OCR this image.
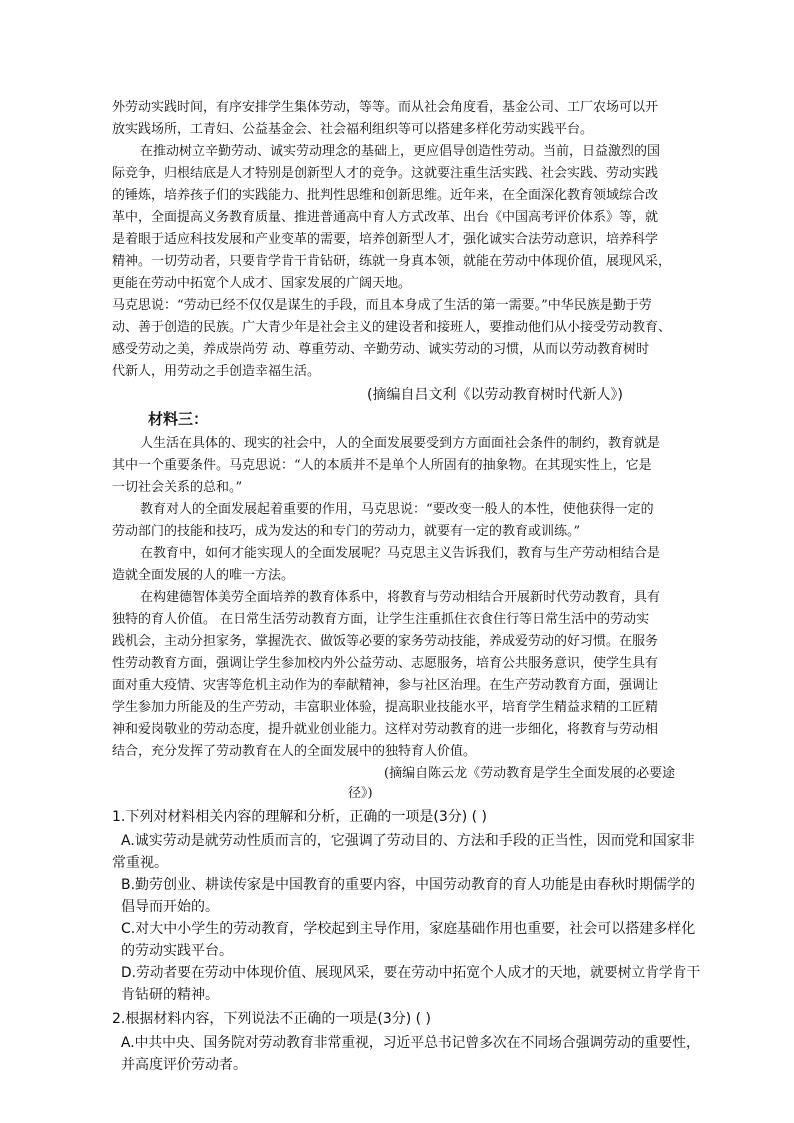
外劳动实践时间，有序安排学生集体劳动，等等。而从社会角度看，基金公司、工厂农场可以开
放实践场所，工青妇、公益基金会、社会福利组织等可以搭建多样化劳动实践平台。
在推动树立辛勤劳动、诚实劳动理念的基础上，更应倡导创造性劳动。当前，日益激烈的国
际竞争，归根结底是人才特别是创新型人才的竞争。这就要注重生活实践、社会实践、劳动实践
的锤炼，培养孩子们的实践能力、批判性思维和创新思维。近年来，在全面深化教育领域综合改
革中，全面提高义务教育质量、推进普通高中育人方式改革、出台《中国高考评价体系》等，就
是着眼于适应科技发展和产业变革的需要，培养创新型人才，强化诚实合法劳动意识，培养科学
精神。一切劳动者，只要肯学肯干肯钻研，练就一身真本领，就能在劳动中体现价值，展现风采，
更能在劳动中拓宽个人成才、国家发展的广阔天地。
马克思说：“劳动已经不仅仅是谋生的手段，而且本身成了生活的第一需要。”中华民族是勤于劳
动、善于创造的民族。广大青少年是社会主义的建设者和接班人，要推动他们从小接受劳动教育、
感受劳动之美，养成崇尚劳 动、尊重劳动、辛勤劳动、诚实劳动的习惯，从而以劳动教育树时
代新人，用劳动之手创造幸福生活。
(摘编自吕文利《以劳动教育树时代新人》)
材料三：
人生活在具体的、现实的社会中，人的全面发展要受到方方面面社会条件的制约，教育就是
其中一个重要条件。马克思说：“人的本质并不是单个人所固有的抽象物。在其现实性上，它是
一切社会关系的总和。”
教育对人的全面发展起着重要的作用，马克思说：“要改变一般人的本性，使他获得一定的
劳动部门的技能和技巧，成为发达的和专门的劳动力，就要有一定的教育或训练。”
在教育中，如何才能实现人的全面发展呢？马克思主义告诉我们，教育与生产劳动相结合是
造就全面发展的人的唯一方法。
在构建德智体美劳全面培养的教育体系中，将教育与劳动相结合开展新时代劳动教育，具有
独特的育人价值。 在日常生活劳动教育方面，让学生注重抓住衣食住行等日常生活中的劳动实
践机会，主动分担家务，掌握洗衣、做饭等必要的家务劳动技能，养成爱劳动的好习惯。在服务
性劳动教育方面，强调让学生参加校内外公益劳动、志愿服务，培育公共服务意识，使学生具有
面对重大疫情、灾害等危机主动作为的奉献精神，参与社区治理。在生产劳动教育方面，强调让
学生参加力所能及的生产劳动，丰富职业体验，提高职业技能水平，培育学生精益求精的工匠精
神和爱岗敬业的劳动态度，提升就业创业能力。这样对劳动教育的进一步细化，将教育与劳动相
结合，充分发挥了劳动教育在人的全面发展中的独特育人价值。
(摘编自陈云龙《劳动教育是学生全面发展的必要途
径》)
1.下列对材料相关内容的理解和分析，正确的一项是(3分) ( )
A.诚实劳动是就劳动性质而言的，它强调了劳动目的、方法和手段的正当性，因而党和国家非
常重视。
B.勤劳创业、耕读传家是中国教育的重要内容，中国劳动教育的育人功能是由春秋时期儒学的
倡导而开始的。
C.对大中小学生的劳动教育，学校起到主导作用，家庭基础作用也重要，社会可以搭建多样化
的劳动实践平台。
D.劳动者要在劳动中体现价值、展现风采，要在劳动中拓宽个人成才的天地，就要树立肯学肯干
肯钻研的精神。
2.根据材料内容，下列说法不正确的一项是(3分) ( )
A.中共中央、国务院对劳动教育非常重视，习近平总书记曾多次在不同场合强调劳动的重要性，
并高度评价劳动者。
